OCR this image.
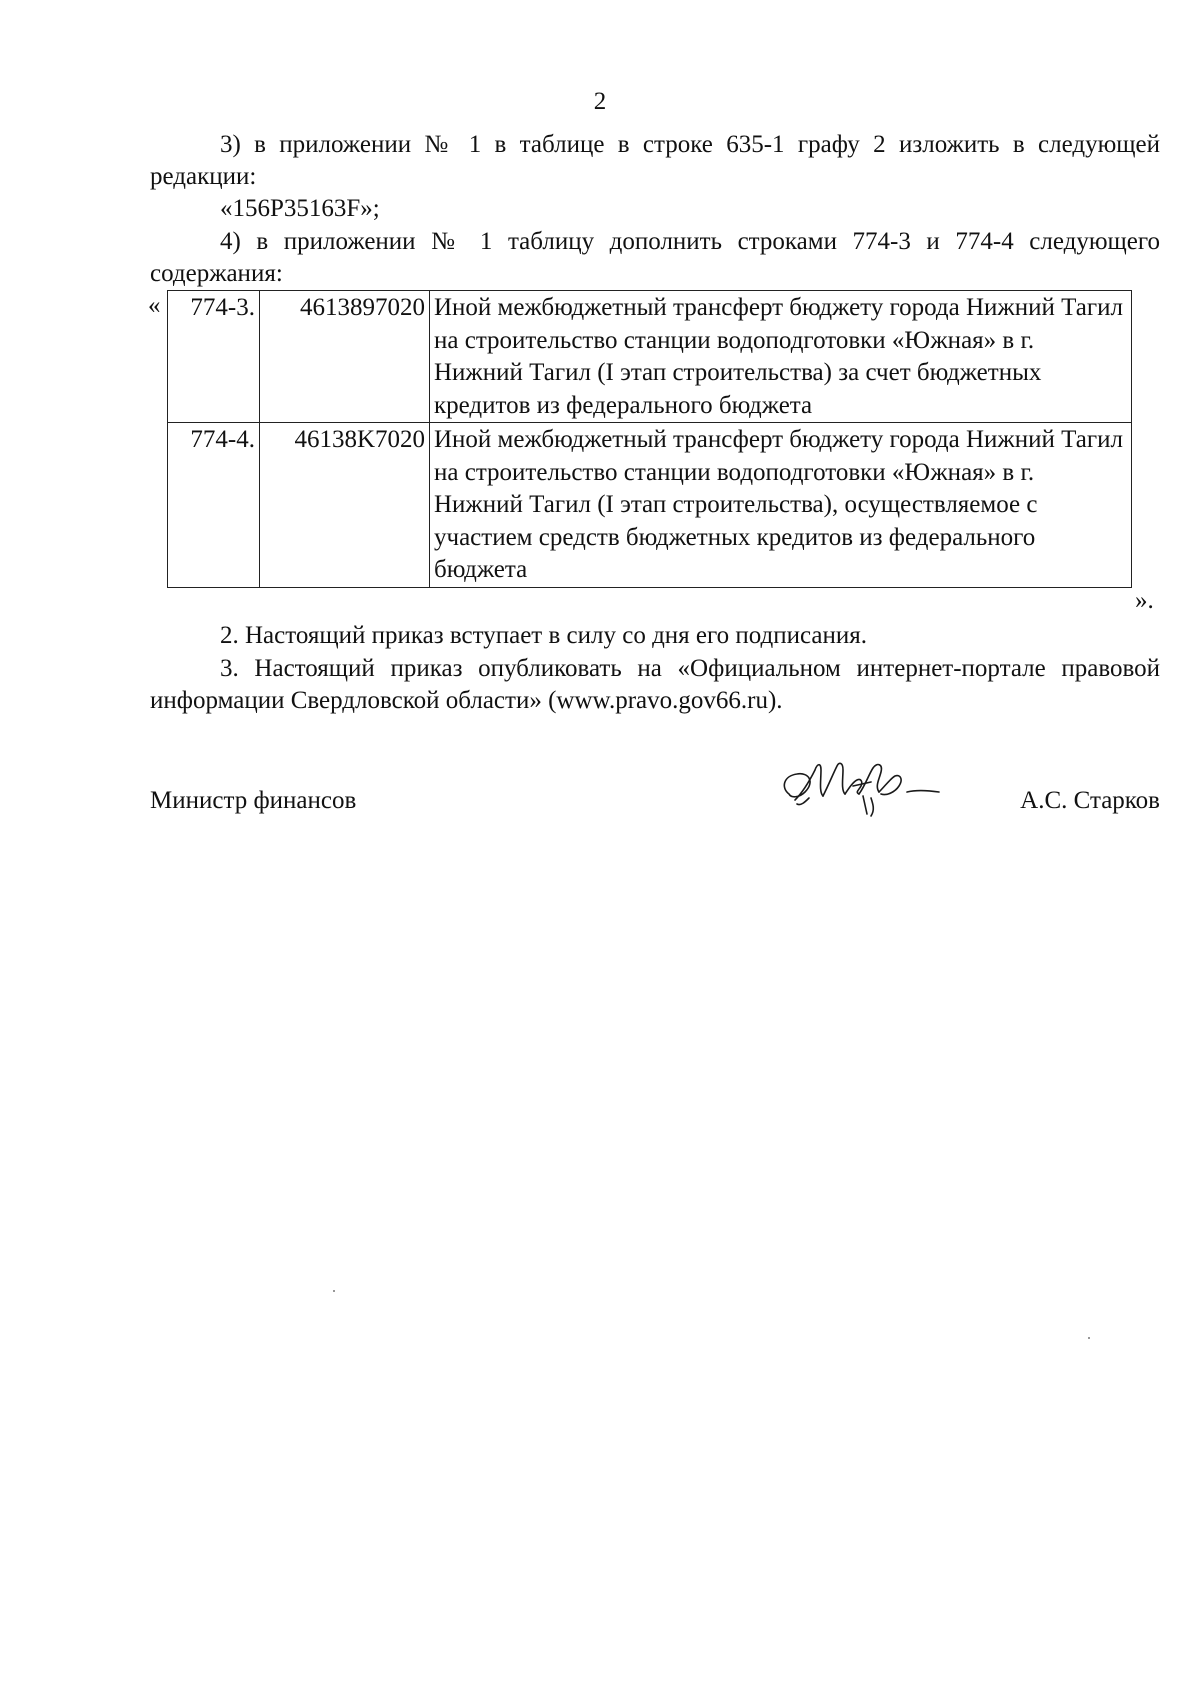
2
3) в приложении № 1 в таблице в строке 635-1 графу 2 изложить в следующей редакции:
«156P35163F»;
4) в приложении № 1 таблицу дополнить строками 774-3 и 774-4 следующего содержания:
« 774-3.	4613897020	Иной межбюджетный трансферт бюджету города Нижний Тагил на строительство станции водоподготовки «Южная» в г. Нижний Тагил (I этап строительства) за счет бюджетных кредитов из федерального бюджета
774-4.	46138K7020	Иной межбюджетный трансферт бюджету города Нижний Тагил на строительство станции водоподготовки «Южная» в г. Нижний Тагил (I этап строительства), осуществляемое с участием средств бюджетных кредитов из федерального бюджета
».
2. Настоящий приказ вступает в силу со дня его подписания.
3. Настоящий приказ опубликовать на «Официальном интернет-портале правовой информации Свердловской области» (www.pravo.gov66.ru).
Министр финансов	А.С. Старков
